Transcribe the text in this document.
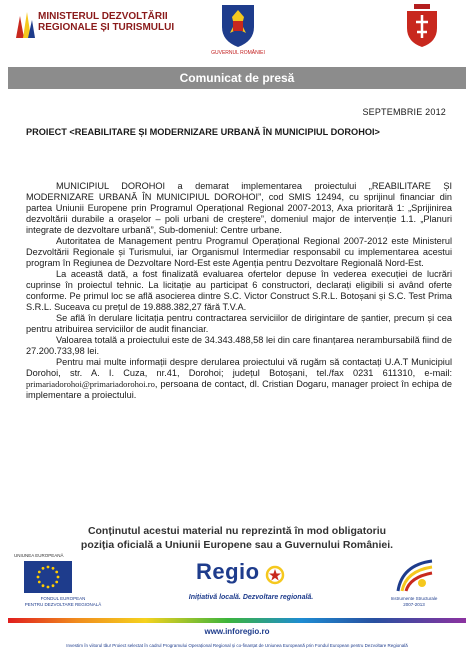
MINISTERUL DEZVOLTĂRII
REGIONALE ȘI TURISMULUI
GUVERNUL ROMÂNIEI
Comunicat de presă
SEPTEMBRIE 2012
PROIECT <REABILITARE ȘI MODERNIZARE URBANĂ ÎN MUNICIPIUL DOROHOI>

MUNICIPIUL DOROHOI a demarat implementarea proiectului „REABILITARE ȘI MODERNIZARE URBANĂ ÎN MUNICIPIUL DOROHOI”, cod SMIS 12494, cu sprijinul financiar din partea Uniunii Europene prin Programul Operațional Regional 2007-2013, Axa prioritară 1: „Sprijinirea dezvoltării durabile a orașelor – poli urbani de creștere”, domeniul major de intervenție 1.1. „Planuri integrate de dezvoltare urbană”, Sub-domeniul: Centre urbane.

Autoritatea de Management pentru Programul Operațional Regional 2007-2012 este Ministerul Dezvoltării Regionale și Turismului, iar Organismul Intermediar responsabil cu implementarea acestui program în Regiunea de Dezvoltare Nord-Est este Agenția pentru Dezvoltare Regională Nord-Est.

La această dată, a fost finalizată evaluarea ofertelor depuse în vederea execuției de lucrări cuprinse în proiectul tehnic. La licitație au participat 6 constructori, declarați eligibili si având oferte conforme. Pe primul loc se află asocierea dintre S.C. Victor Construct S.R.L. Botoșani și S.C. Test Prima S.R.L. Suceava cu prețul de 19.888.382,27 fără T.V.A.

Se află în derulare licitația pentru contractarea serviciilor de dirigintare de șantier, precum și cea pentru atribuirea serviciilor de audit financiar.

Valoarea totală a proiectului este de 34.343.488,58 lei din care finanțarea nerambursabilă fiind de 27.200.733,98 lei.

Pentru mai multe informații despre derularea proiectului vă rugăm să contactați U.A.T Municipiul Dorohoi, str. A. I. Cuza, nr.41, Dorohoi; județul Botoșani, tel./fax 0231 611310, e-mail: primariadorohoi@primariadorohoi.ro, persoana de contact, dl. Cristian Dogaru, manager proiect în echipa de implementare a proiectului.

Conținutul acestui material nu reprezintă în mod obligatoriu
poziția oficială a Uniunii Europene sau a Guvernului României.
UNIUNEA EUROPEANĂ
FONDUL EUROPEAN
PENTRU DEZVOLTARE REGIONALĂ
Regio
Inițiativă locală. Dezvoltare regională.	Instrumente Structurale
2007-2013
www.inforegio.ro
Investim în viitorul tău! Proiect selectat în cadrul Programului Operațional Regional și co-finanțat de Uniunea Europeană prin Fondul European pentru Dezvoltare Regională
